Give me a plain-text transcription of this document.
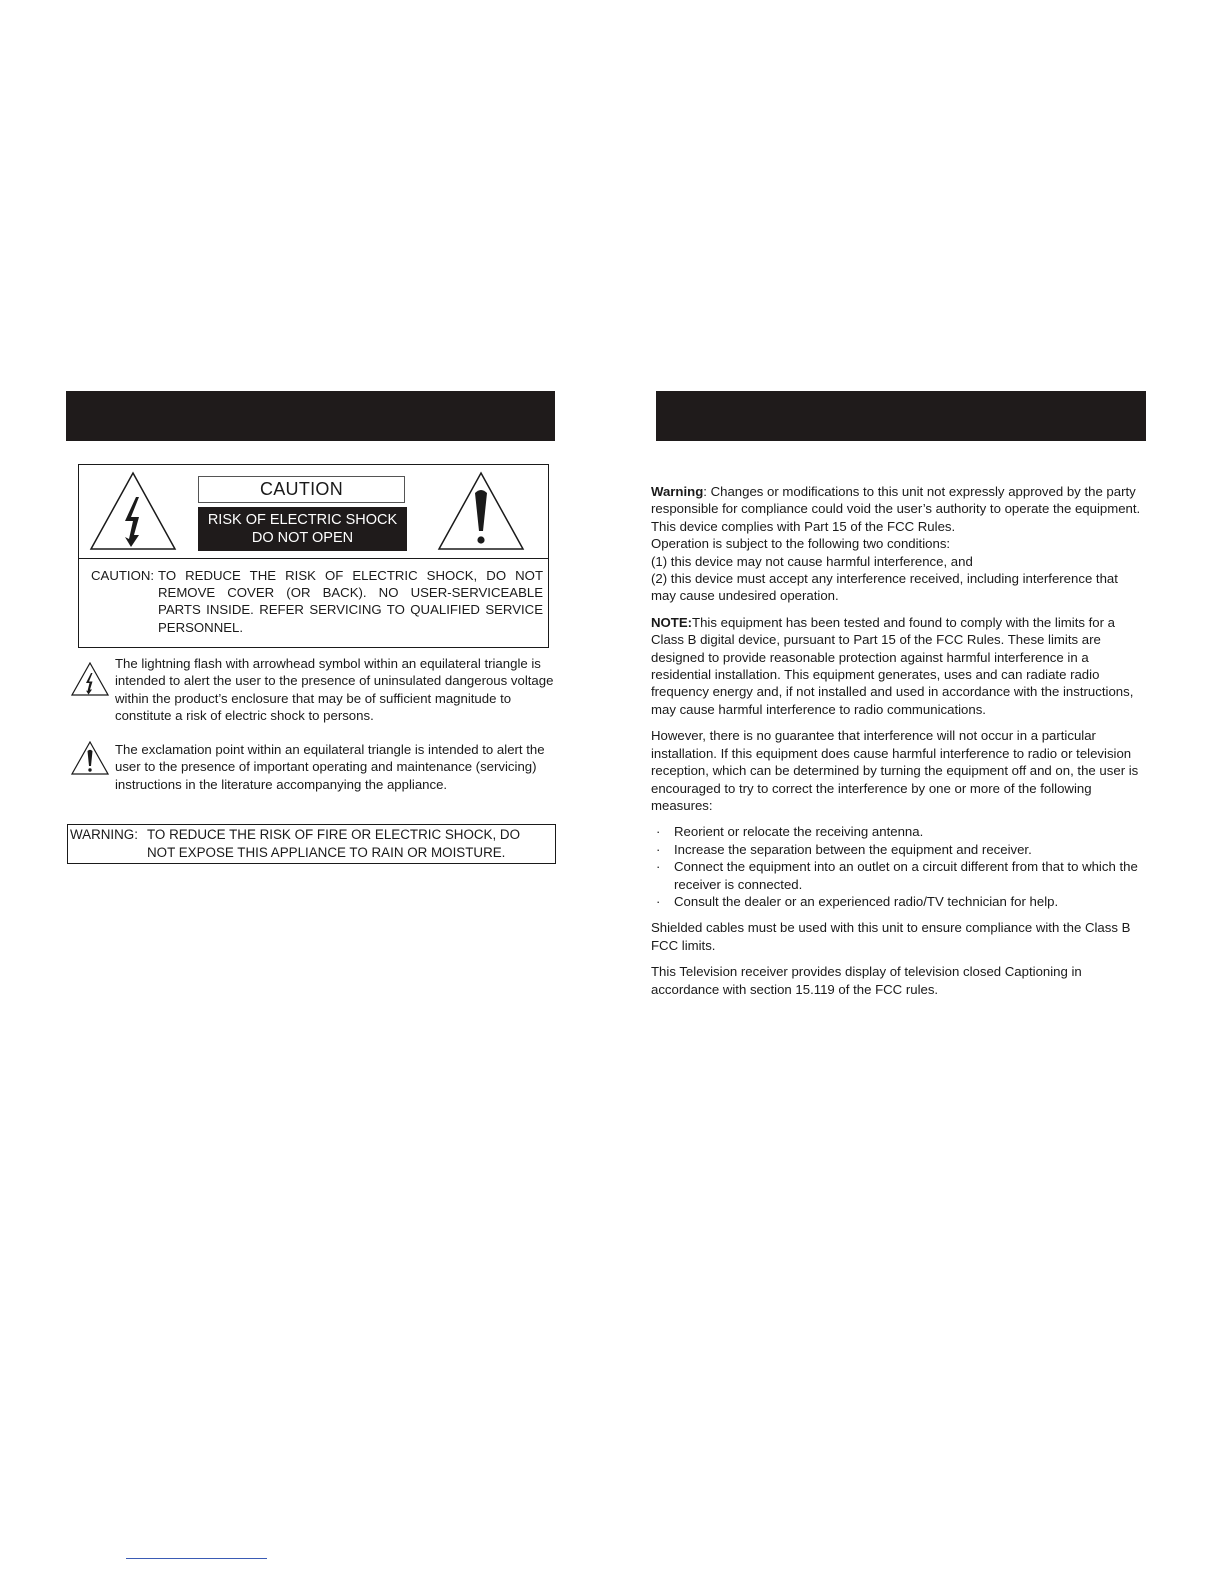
CAUTION
RISK OF ELECTRIC SHOCK
DO NOT OPEN
CAUTION: TO REDUCE THE RISK OF ELECTRIC SHOCK, DO NOT REMOVE COVER (OR BACK). NO USER-SERVICEABLE PARTS INSIDE. REFER SERVICING TO QUALIFIED SERVICE PERSONNEL.
The lightning flash with arrowhead symbol within an equilateral triangle is intended to alert the user to the presence of uninsulated dangerous voltage within the product’s enclosure that may be of sufficient magnitude to constitute a risk of electric shock to persons.
The exclamation point within an equilateral triangle is intended to alert the user to the presence of important operating and maintenance (servicing) instructions in the literature accompanying the appliance.
WARNING: TO REDUCE THE RISK OF FIRE OR ELECTRIC SHOCK, DO NOT EXPOSE THIS APPLIANCE TO RAIN OR MOISTURE.

Warning: Changes or modifications to this unit not expressly approved by the party responsible for compliance could void the user’s authority to operate the equipment.

This device complies with Part 15 of the FCC Rules.

Operation is subject to the following two conditions:

(1) this device may not cause harmful interference, and

(2) this device must accept any interference received, including interference that may cause undesired operation.

NOTE:This equipment has been tested and found to comply with the limits for a Class B digital device, pursuant to Part 15 of the FCC Rules. These limits are designed to provide reasonable protection against harmful interference in a residential installation. This equipment generates, uses and can radiate radio frequency energy and, if not installed and used in accordance with the instructions, may cause harmful interference to radio communications.

However, there is no guarantee that interference will not occur in a particular installation. If this equipment does cause harmful interference to radio or television reception, which can be determined by turning the equipment off and on, the user is encouraged to try to correct the interference by one or more of the following measures:

· Reorient or relocate the receiving antenna.
· Increase the separation between the equipment and receiver.
· Connect the equipment into an outlet on a circuit different from that to which the receiver is connected.
· Consult the dealer or an experienced radio/TV technician for help.

Shielded cables must be used with this unit to ensure compliance with the Class B FCC limits.

This Television receiver provides display of television closed Captioning in accordance with section 15.119 of the FCC rules.
